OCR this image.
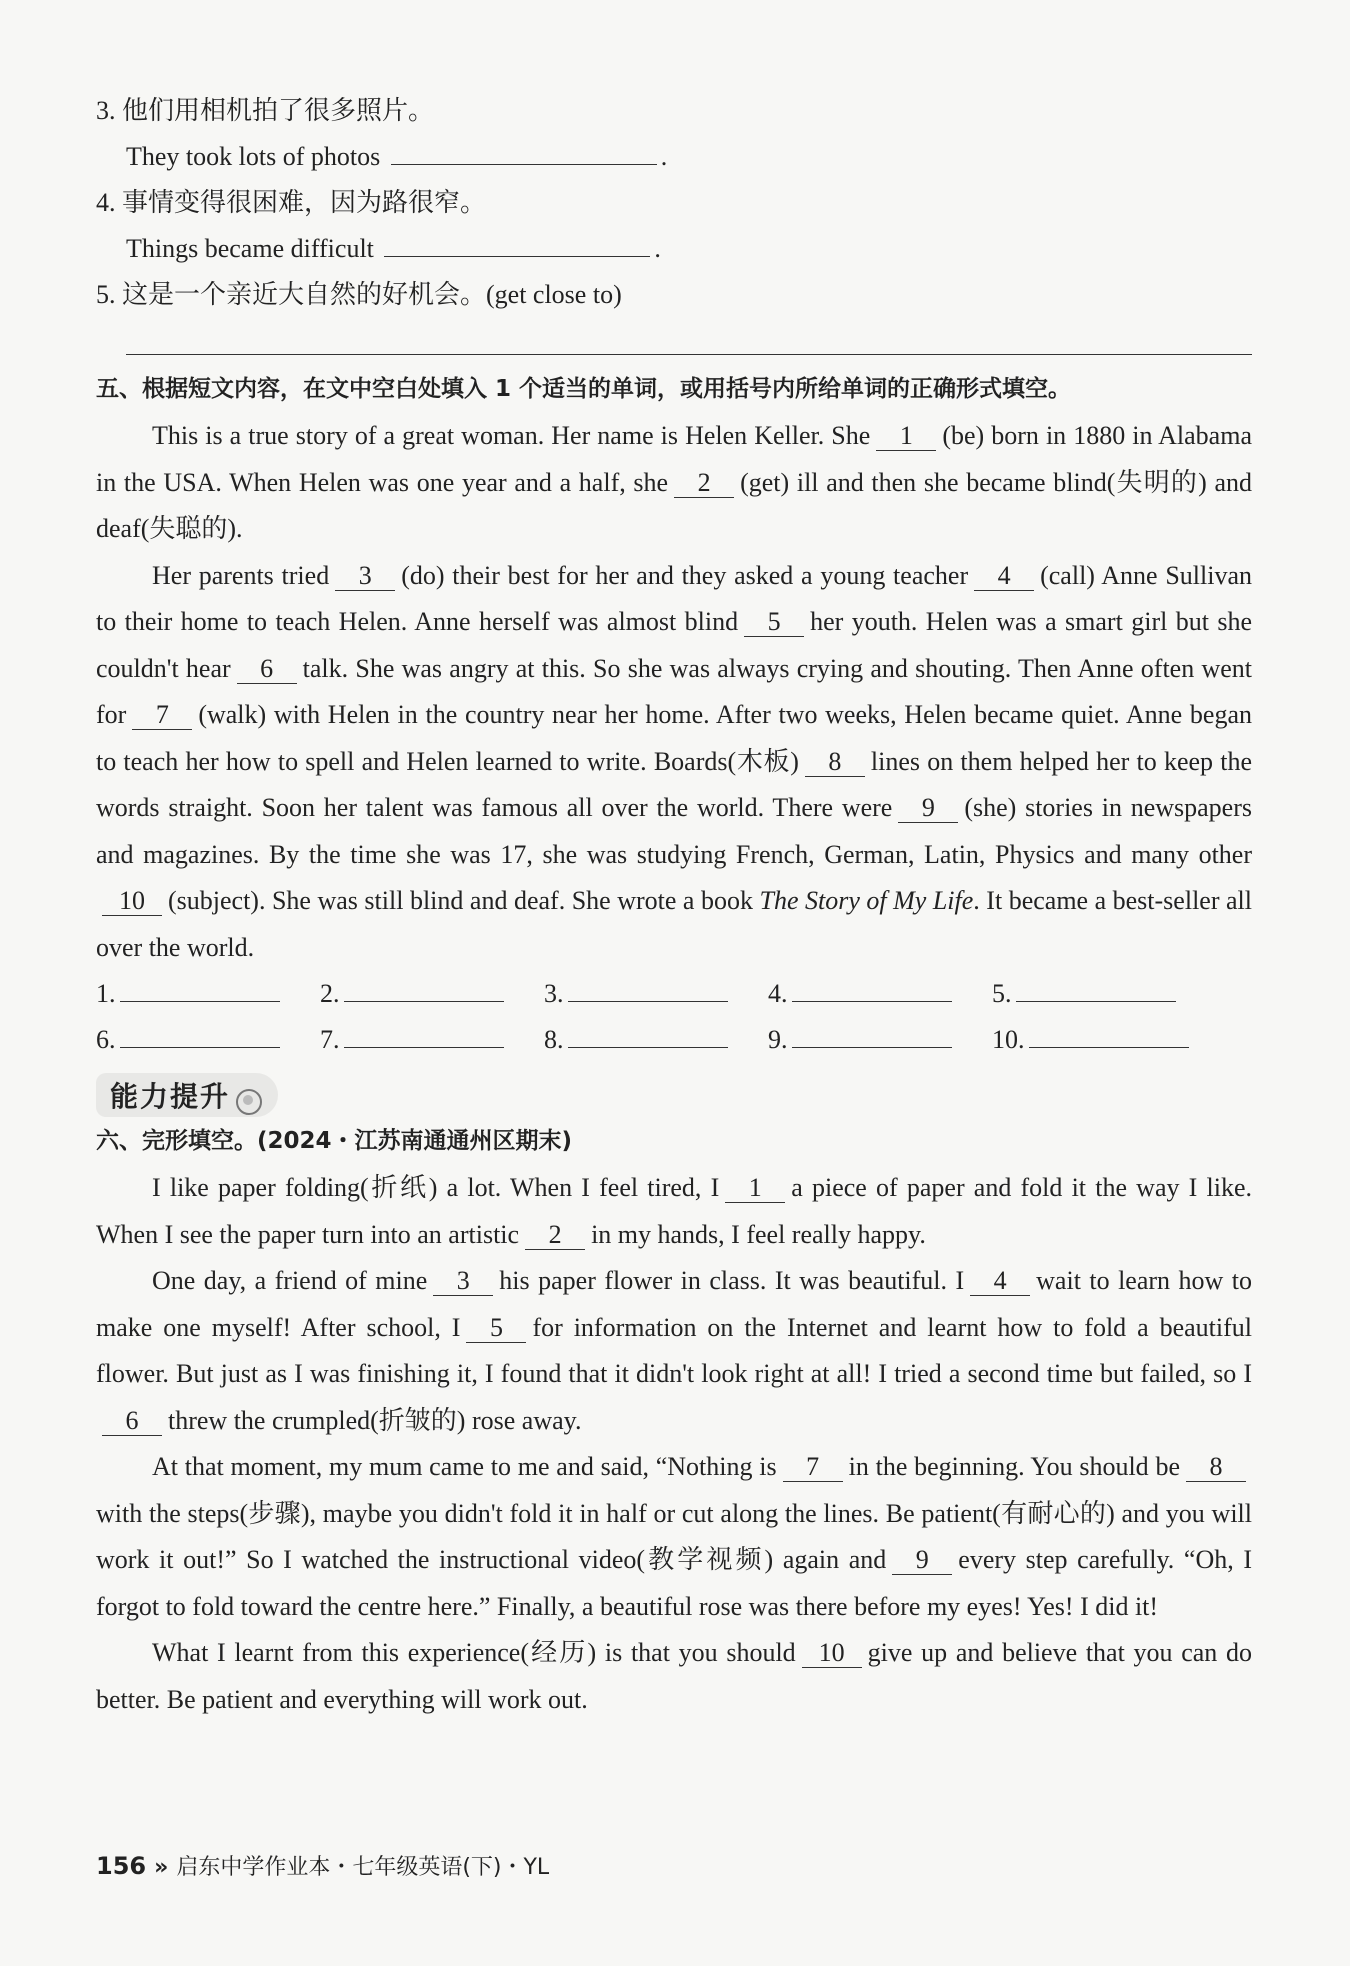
3. 他们用相机拍了很多照片。
They took lots of photos	.
4. 事情变得很困难，因为路很窄。
Things became difficult	.
5. 这是一个亲近大自然的好机会。(get close to)
五、根据短文内容，在文中空白处填入 1 个适当的单词，或用括号内所给单词的正确形式填空。
This is a true story of a great woman. Her name is Helen Keller. She 1 (be) born in 1880 in Alabama in the USA. When Helen was one year and a half, she 2 (get) ill and then she became blind(失明的) and deaf(失聪的).
Her parents tried 3 (do) their best for her and they asked a young teacher 4 (call) Anne Sullivan to their home to teach Helen. Anne herself was almost blind 5 her youth. Helen was a smart girl but she couldn't hear 6 talk. She was angry at this. So she was always crying and shouting. Then Anne often went for 7 (walk) with Helen in the country near her home. After two weeks, Helen became quiet. Anne began to teach her how to spell and Helen learned to write. Boards(木板) 8 lines on them helped her to keep the words straight. Soon her talent was famous all over the world. There were 9 (she) stories in newspapers and magazines. By the time she was 17, she was studying French, German, Latin, Physics and many other10 (subject). She was still blind and deaf. She wrote a book The Story of My Life. It became a best-seller all over the world.
1.	2.	3.	4.	5.
6.	7.	8.	9.	10.
能力提升
六、完形填空。(2024・江苏南通通州区期末)
I like paper folding(折纸) a lot. When I feel tired, I 1 a piece of paper and fold it the way I like. When I see the paper turn into an artistic 2 in my hands, I feel really happy.
One day, a friend of mine 3 his paper flower in class. It was beautiful. I 4 wait to learn how to make one myself! After school, I 5 for information on the Internet and learnt how to fold a beautiful flower. But just as I was finishing it, I found that it didn't look right at all! I tried a second time but failed, so I6 threw the crumpled(折皱的) rose away.
At that moment, my mum came to me and said, “Nothing is 7 in the beginning. You should be 8with the steps(步骤), maybe you didn't fold it in half or cut along the lines. Be patient(有耐心的) and you will work it out!” So I watched the instructional video(教学视频) again and 9 every step carefully. “Oh, I forgot to fold toward the centre here.” Finally, a beautiful rose was there before my eyes! Yes! I did it!
What I learnt from this experience(经历) is that you should 10 give up and believe that you can do better. Be patient and everything will work out.
156 » 启东中学作业本・七年级英语(下)・YL
